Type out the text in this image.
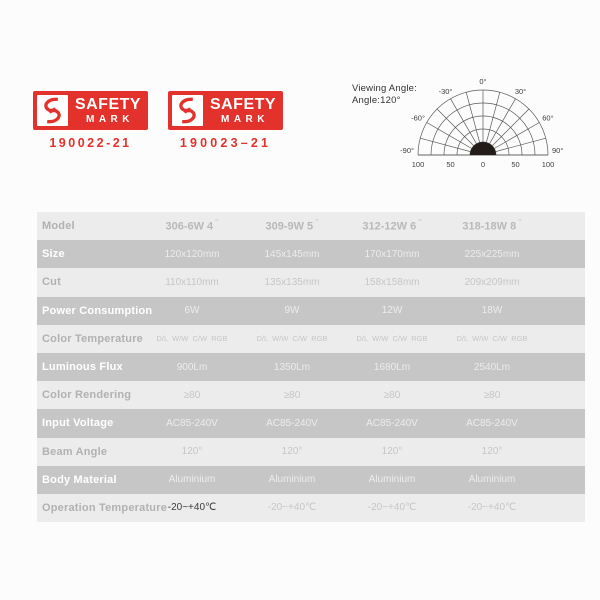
SAFETY
MARK
190022-21
SAFETY
MARK
190023–21
Viewing Angle:
Angle:120°
-90°
-60°
-30°
0°
30°
60°
90°
100	50	0	50	100
Model	306-6W 4 ″	309-9W 5 ″	312-12W 6 ″	318-18W 8 ″
Size	120x120mm	145x145mm	170x170mm	225x225mm
Cut	110x110mm	135x135mm	158x158mm	209x209mm
Power Consumption	6W	9W	12W	18W
Color Temperature	D/L  W/W  C/W  RGB	D/L  W/W  C/W  RGB	D/L  W/W  C/W  RGB	D/L  W/W  C/W  RGB
Luminous Flux	900Lm	1350Lm	1680Lm	2540Lm
Color Rendering	≥80	≥80	≥80	≥80
Input Voltage	AC85-240V	AC85-240V	AC85-240V	AC85-240V
Beam Angle	120°	120°	120°	120°
Body Material	Aluminium	Aluminium	Aluminium	Aluminium
Operation Temperature -20~+40℃	-20~+40℃	-20~+40℃	-20~+40℃
